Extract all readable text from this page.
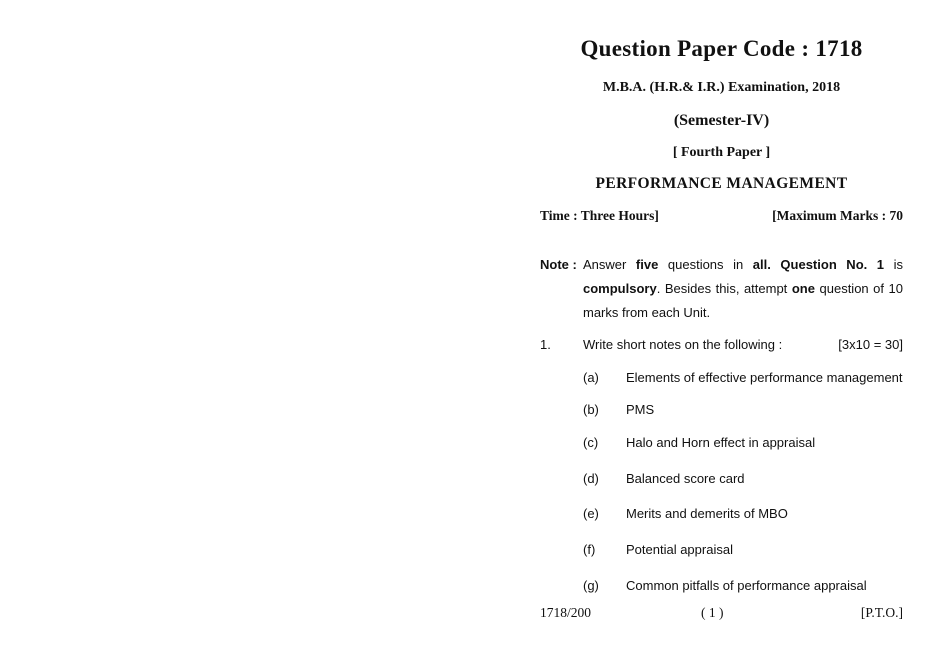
Question Paper Code : 1718
M.B.A. (H.R.& I.R.) Examination, 2018
(Semester-IV)
[ Fourth Paper ]
PERFORMANCE MANAGEMENT
Time : Three Hours]	[Maximum Marks : 70
Note : Answer five questions in all. Question No. 1 is
compulsory. Besides this, attempt one question of 10
marks from each Unit.
1. Write short notes on the following :	[3x10 = 30]
(a) Elements of effective performance management
(b) PMS
(c) Halo and Horn effect in appraisal
(d) Balanced score card
(e) Merits and demerits of MBO
(f) Potential appraisal
(g) Common pitfalls of performance appraisal
1718/200	( 1 )	[P.T.O.]
